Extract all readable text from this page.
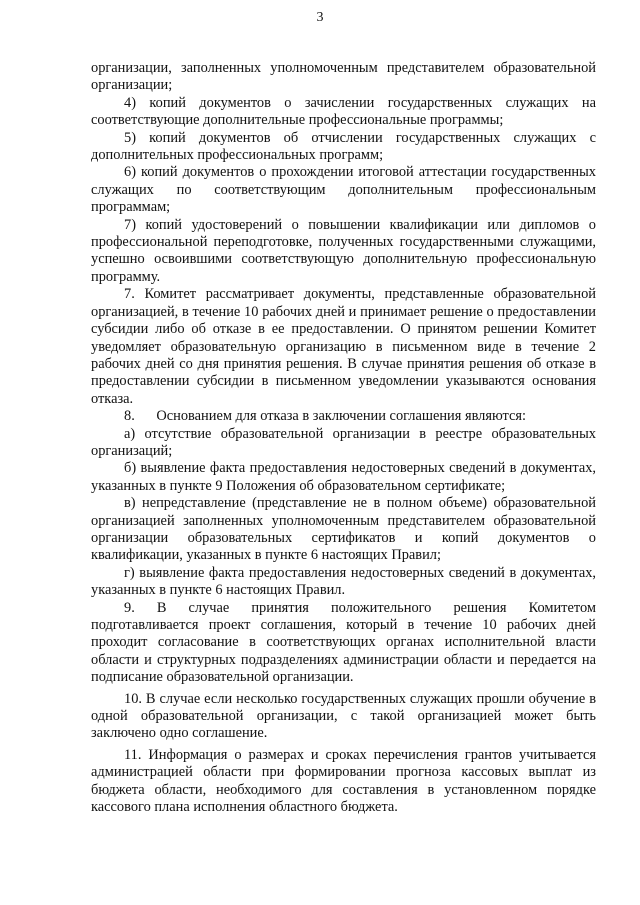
3

организации, заполненных уполномоченным представителем образовательной организации;

4) копий документов о зачислении государственных служащих на соответствующие дополнительные профессиональные программы;

5) копий документов об отчислении государственных служащих с дополнительных профессиональных программ;

6) копий документов о прохождении итоговой аттестации государственных служащих по соответствующим дополнительным профессиональным программам;

7) копий удостоверений о повышении квалификации или дипломов о профессиональной переподготовке, полученных государственными служащими, успешно освоившими соответствующую дополнительную профессиональную программу.

7. Комитет рассматривает документы, представленные образовательной организацией, в течение 10 рабочих дней и принимает решение о предоставлении субсидии либо об отказе в ее предоставлении. О принятом решении Комитет уведомляет образовательную организацию в письменном виде в течение 2 рабочих дней со дня принятия решения. В случае принятия решения об отказе в предоставлении субсидии в письменном уведомлении указываются основания отказа.

8.      Основанием для отказа в заключении соглашения являются:

а) отсутствие образовательной организации в реестре образовательных организаций;

б) выявление факта предоставления недостоверных сведений в документах, указанных в пункте 9 Положения об образовательном сертификате;

в) непредставление (представление не в полном объеме) образовательной организацией заполненных уполномоченным представителем образовательной организации образовательных сертификатов и копий документов о квалификации, указанных в пункте 6 настоящих Правил;

г) выявление факта предоставления недостоверных сведений в документах, указанных в пункте 6 настоящих Правил.

9. В случае принятия положительного решения Комитетом подготавливается проект соглашения, который в течение 10 рабочих дней проходит согласование в соответствующих органах исполнительной власти области и структурных подразделениях администрации области и передается на подписание образовательной организации.

10. В случае если несколько государственных служащих прошли обучение в одной образовательной организации, с такой организацией может быть заключено одно соглашение.

11. Информация о размерах и сроках перечисления грантов учитывается администрацией области при формировании прогноза кассовых выплат из бюджета области, необходимого для составления в установленном порядке кассового плана исполнения областного бюджета.
